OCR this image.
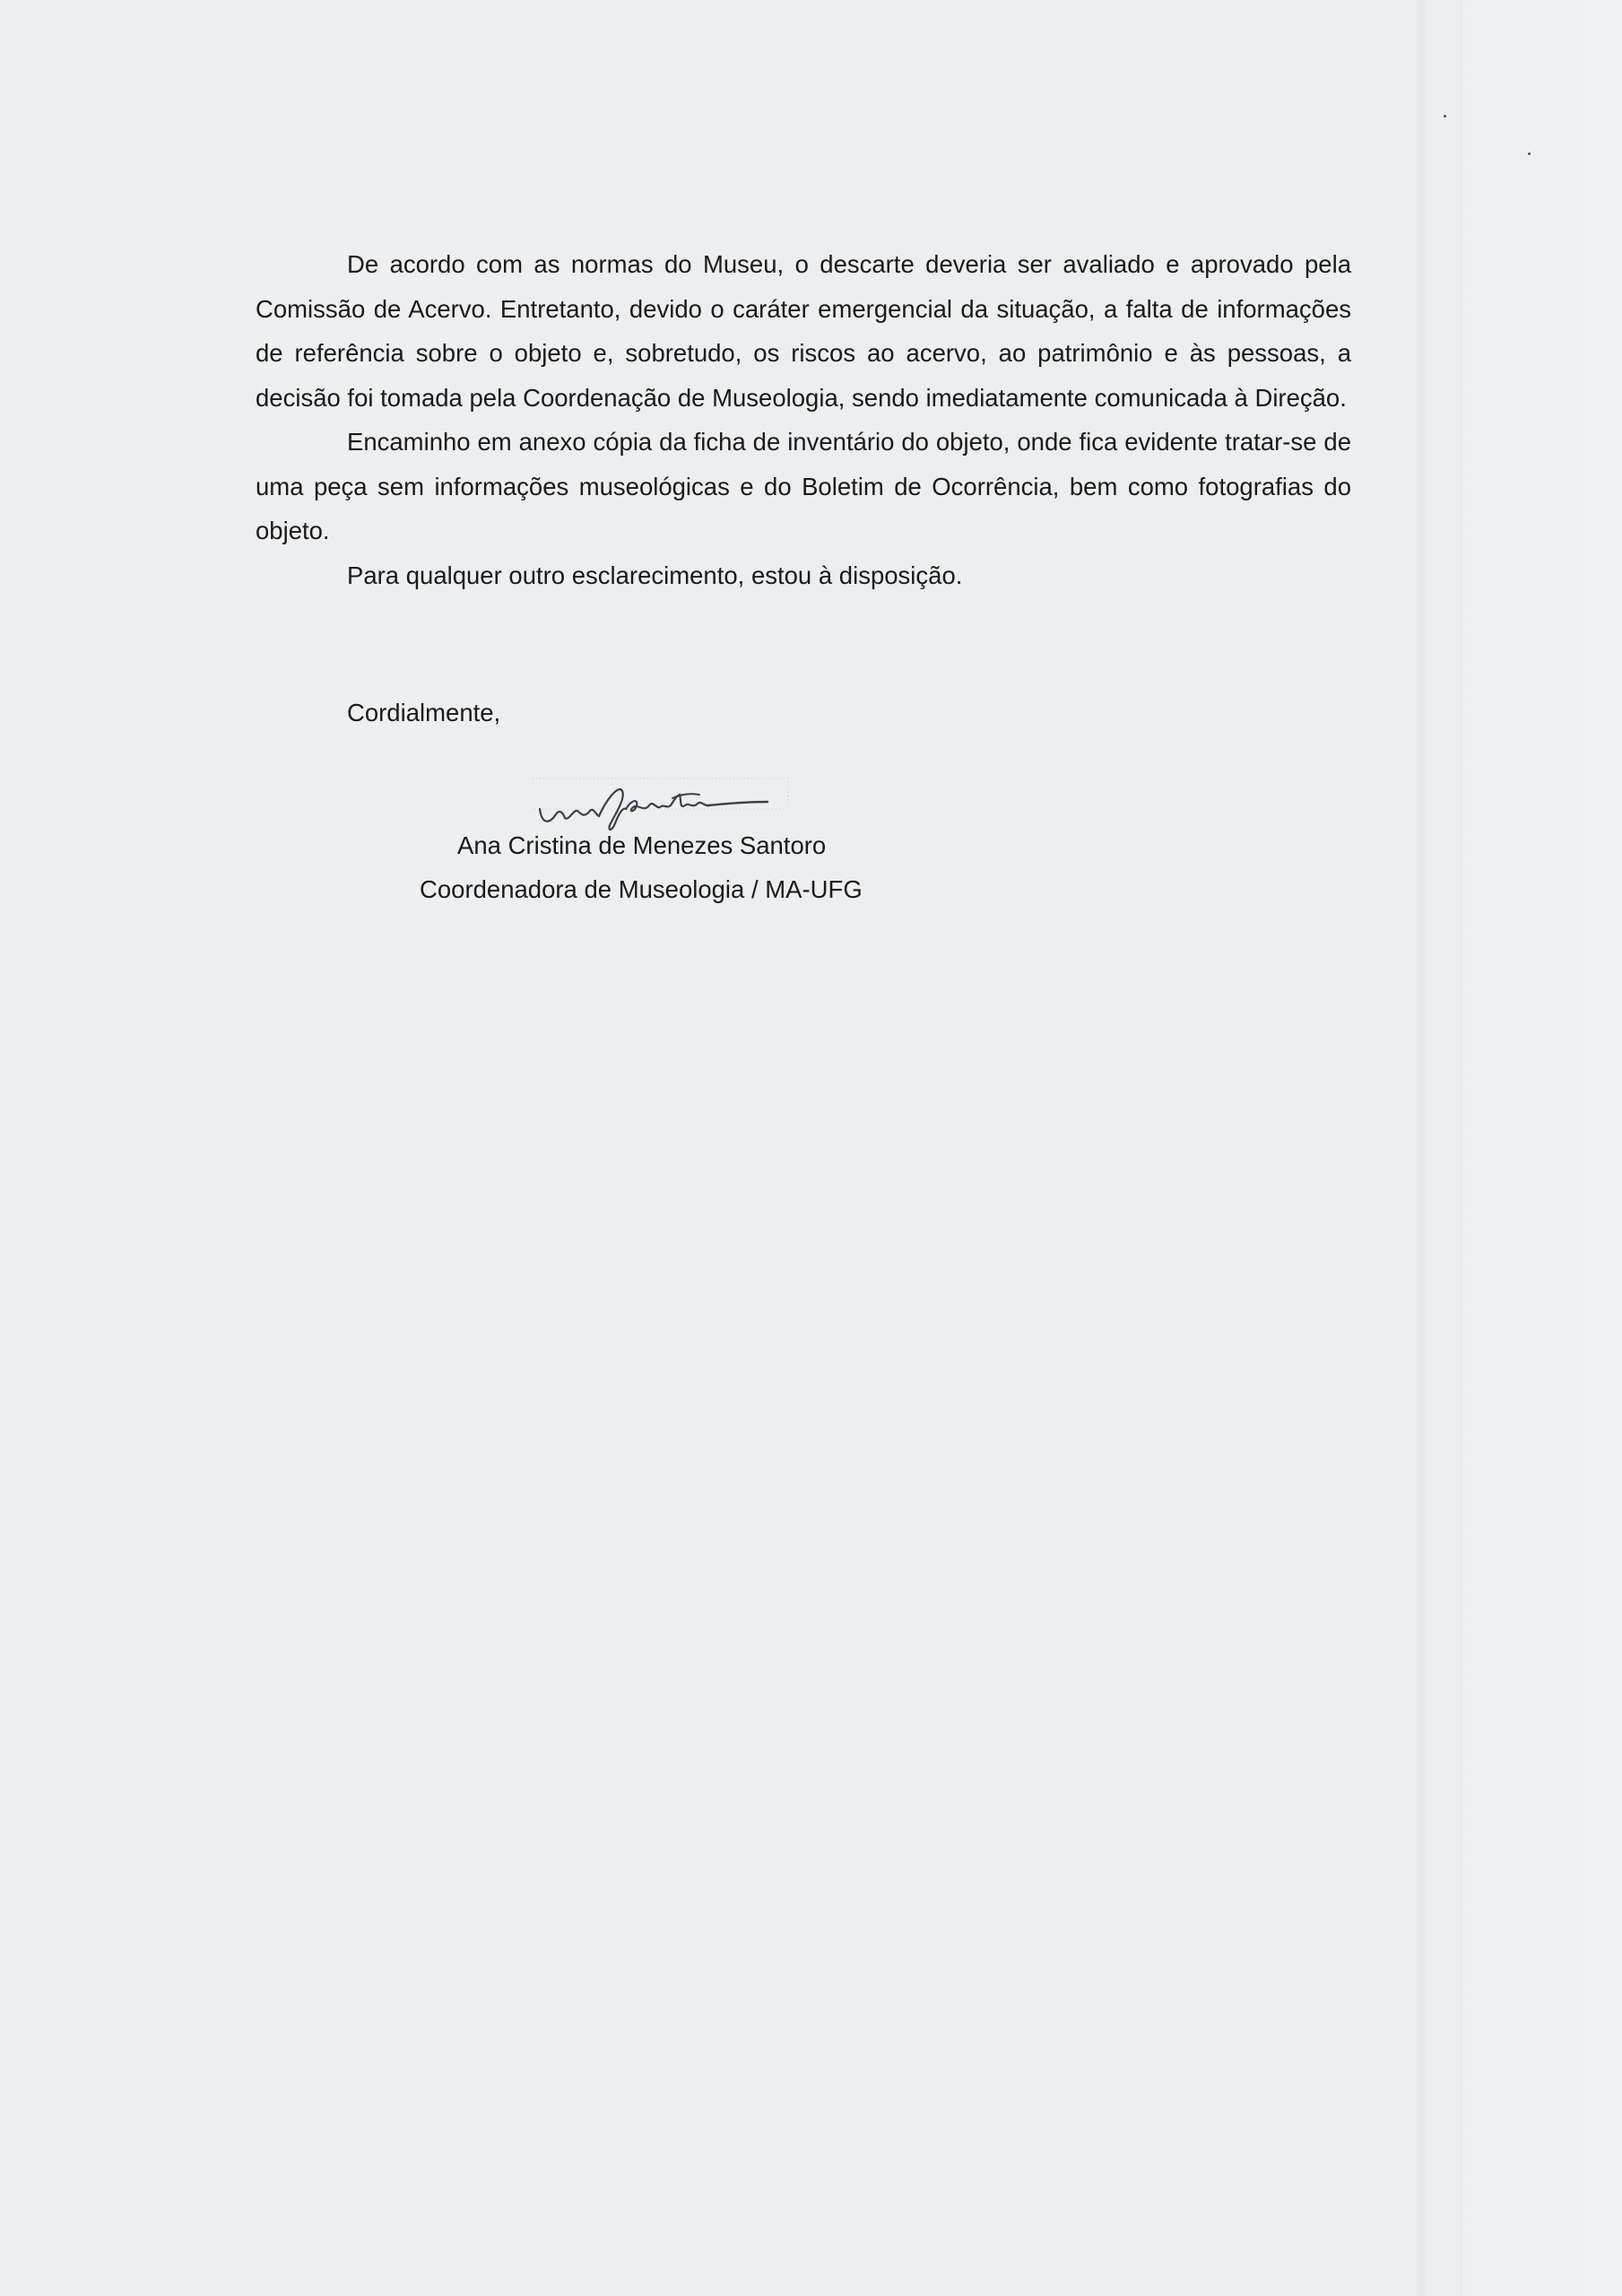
De acordo com as normas do Museu, o descarte deveria ser avaliado e aprovado pela Comissão de Acervo. Entretanto, devido o caráter emergencial da situação, a falta de informações de referência sobre o objeto e, sobretudo, os riscos ao acervo, ao patrimônio e às pessoas, a decisão foi tomada pela Coordenação de Museologia, sendo imediatamente comunicada à Direção.

Encaminho em anexo cópia da ficha de inventário do objeto, onde fica evidente tratar-se de uma peça sem informações museológicas e do Boletim de Ocorrência, bem como fotografias do objeto.

Para qualquer outro esclarecimento, estou à disposição.

Cordialmente,

Ana Cristina de Menezes Santoro

Coordenadora de Museologia / MA-UFG
